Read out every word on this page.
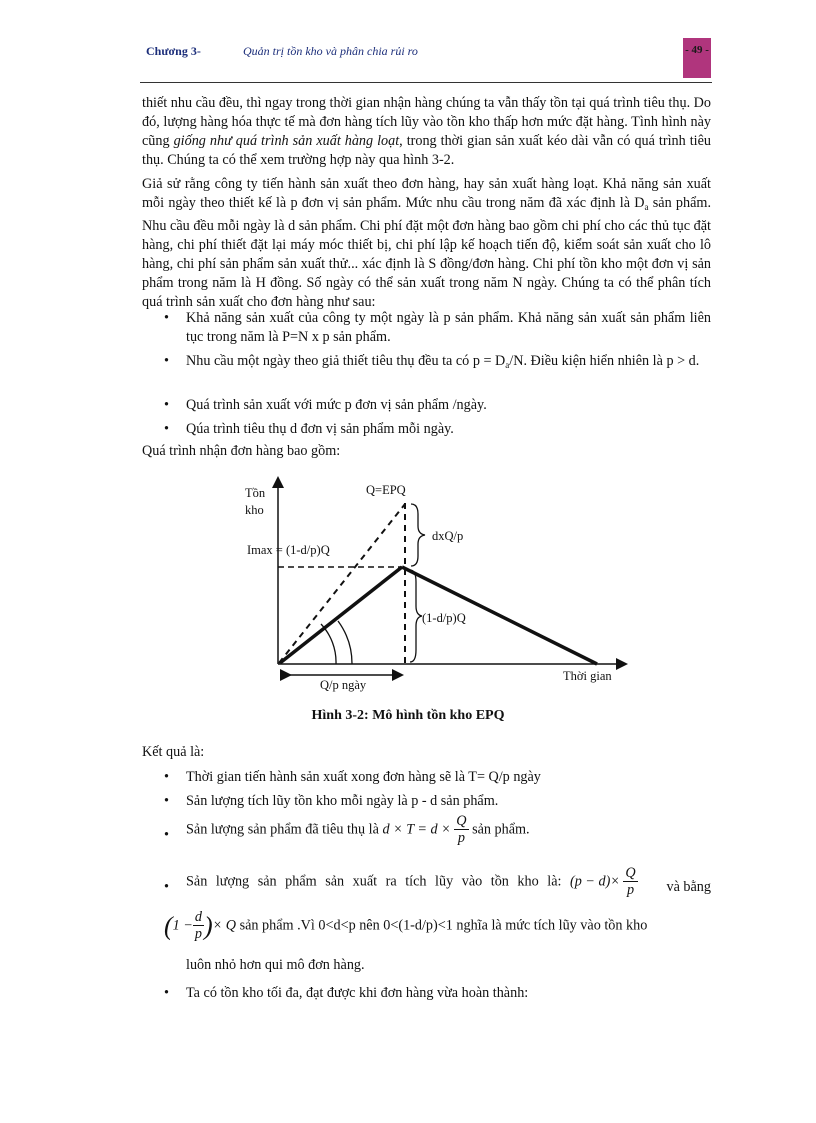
Chương 3-	Quản trị tồn kho và phân chia rủi ro	- 49 -

thiết nhu cầu đều, thì ngay trong thời gian nhận hàng chúng ta vẫn thấy tồn tại quá trình tiêu thụ. Do đó, lượng hàng hóa thực tế mà đơn hàng tích lũy vào tồn kho thấp hơn mức đặt hàng. Tình hình này cũng giống như quá trình sản xuất hàng loạt, trong thời gian sản xuất kéo dài vẫn có quá trình tiêu thụ. Chúng ta có thể xem trường hợp này qua hình 3-2.

Giả sử rằng công ty tiến hành sản xuất theo đơn hàng, hay sản xuất hàng loạt. Khả năng sản xuất mỗi ngày theo thiết kế là p đơn vị sản phẩm. Mức nhu cầu trong năm đã xác định là $D_a$ sản phẩm. Nhu cầu đều mỗi ngày là d sản phẩm. Chi phí đặt một đơn hàng bao gồm chi phí cho các thủ tục đặt hàng, chi phí thiết đặt lại máy móc thiết bị, chi phí lập kế hoạch tiến độ, kiểm soát sản xuất cho lô hàng, chi phí sản phẩm sản xuất thử... xác định là S đồng/đơn hàng. Chi phí tồn kho một đơn vị sản phẩm trong năm là H đồng. Số ngày có thể sản xuất trong năm N ngày. Chúng ta có thể phân tích quá trình sản xuất cho đơn hàng như sau:

• Khả năng sản xuất của công ty một ngày là p sản phẩm. Khả năng sản xuất sản phẩm liên tục trong năm là P=N x p sản phẩm.
• Nhu cầu một ngày theo giả thiết tiêu thụ đều ta có $p = D_a/N$. Điều kiện hiển nhiên là p > d.
• Quá trình sản xuất với mức p đơn vị sản phẩm /ngày.
• Qúa trình tiêu thụ d đơn vị sản phẩm mỗi ngày.

Quá trình nhận đơn hàng bao gồm:

Tồn
kho
Q=EPQ
dxQ/p
Imax = (1-d/p)Q
(1-d/p)Q
Thời gian
Q/p ngày
Hình 3-2: Mô hình tồn kho EPQ

Kết quả là:

• Thời gian tiến hành sản xuất xong đơn hàng sẽ là T= Q/p ngày
• Sản lượng tích lũy tồn kho mỗi ngày là p - d sản phẩm.
• Sản lượng sản phẩm đã tiêu thụ là $d \times T = d \times \frac{Q}{p}$ sản phẩm.
• Sản lượng sản phẩm sản xuất ra tích lũy vào tồn kho là: $(p - d)\times \frac{Q}{p}$ và bằng
($1 - \frac{d}{p}$ )× Q sản phẩm .Vì 0<d<p nên 0<(1-d/p)<1 nghĩa là mức tích lũy vào tồn kho
luôn nhỏ hơn qui mô đơn hàng.
• Ta có tồn kho tối đa, đạt được khi đơn hàng vừa hoàn thành:
